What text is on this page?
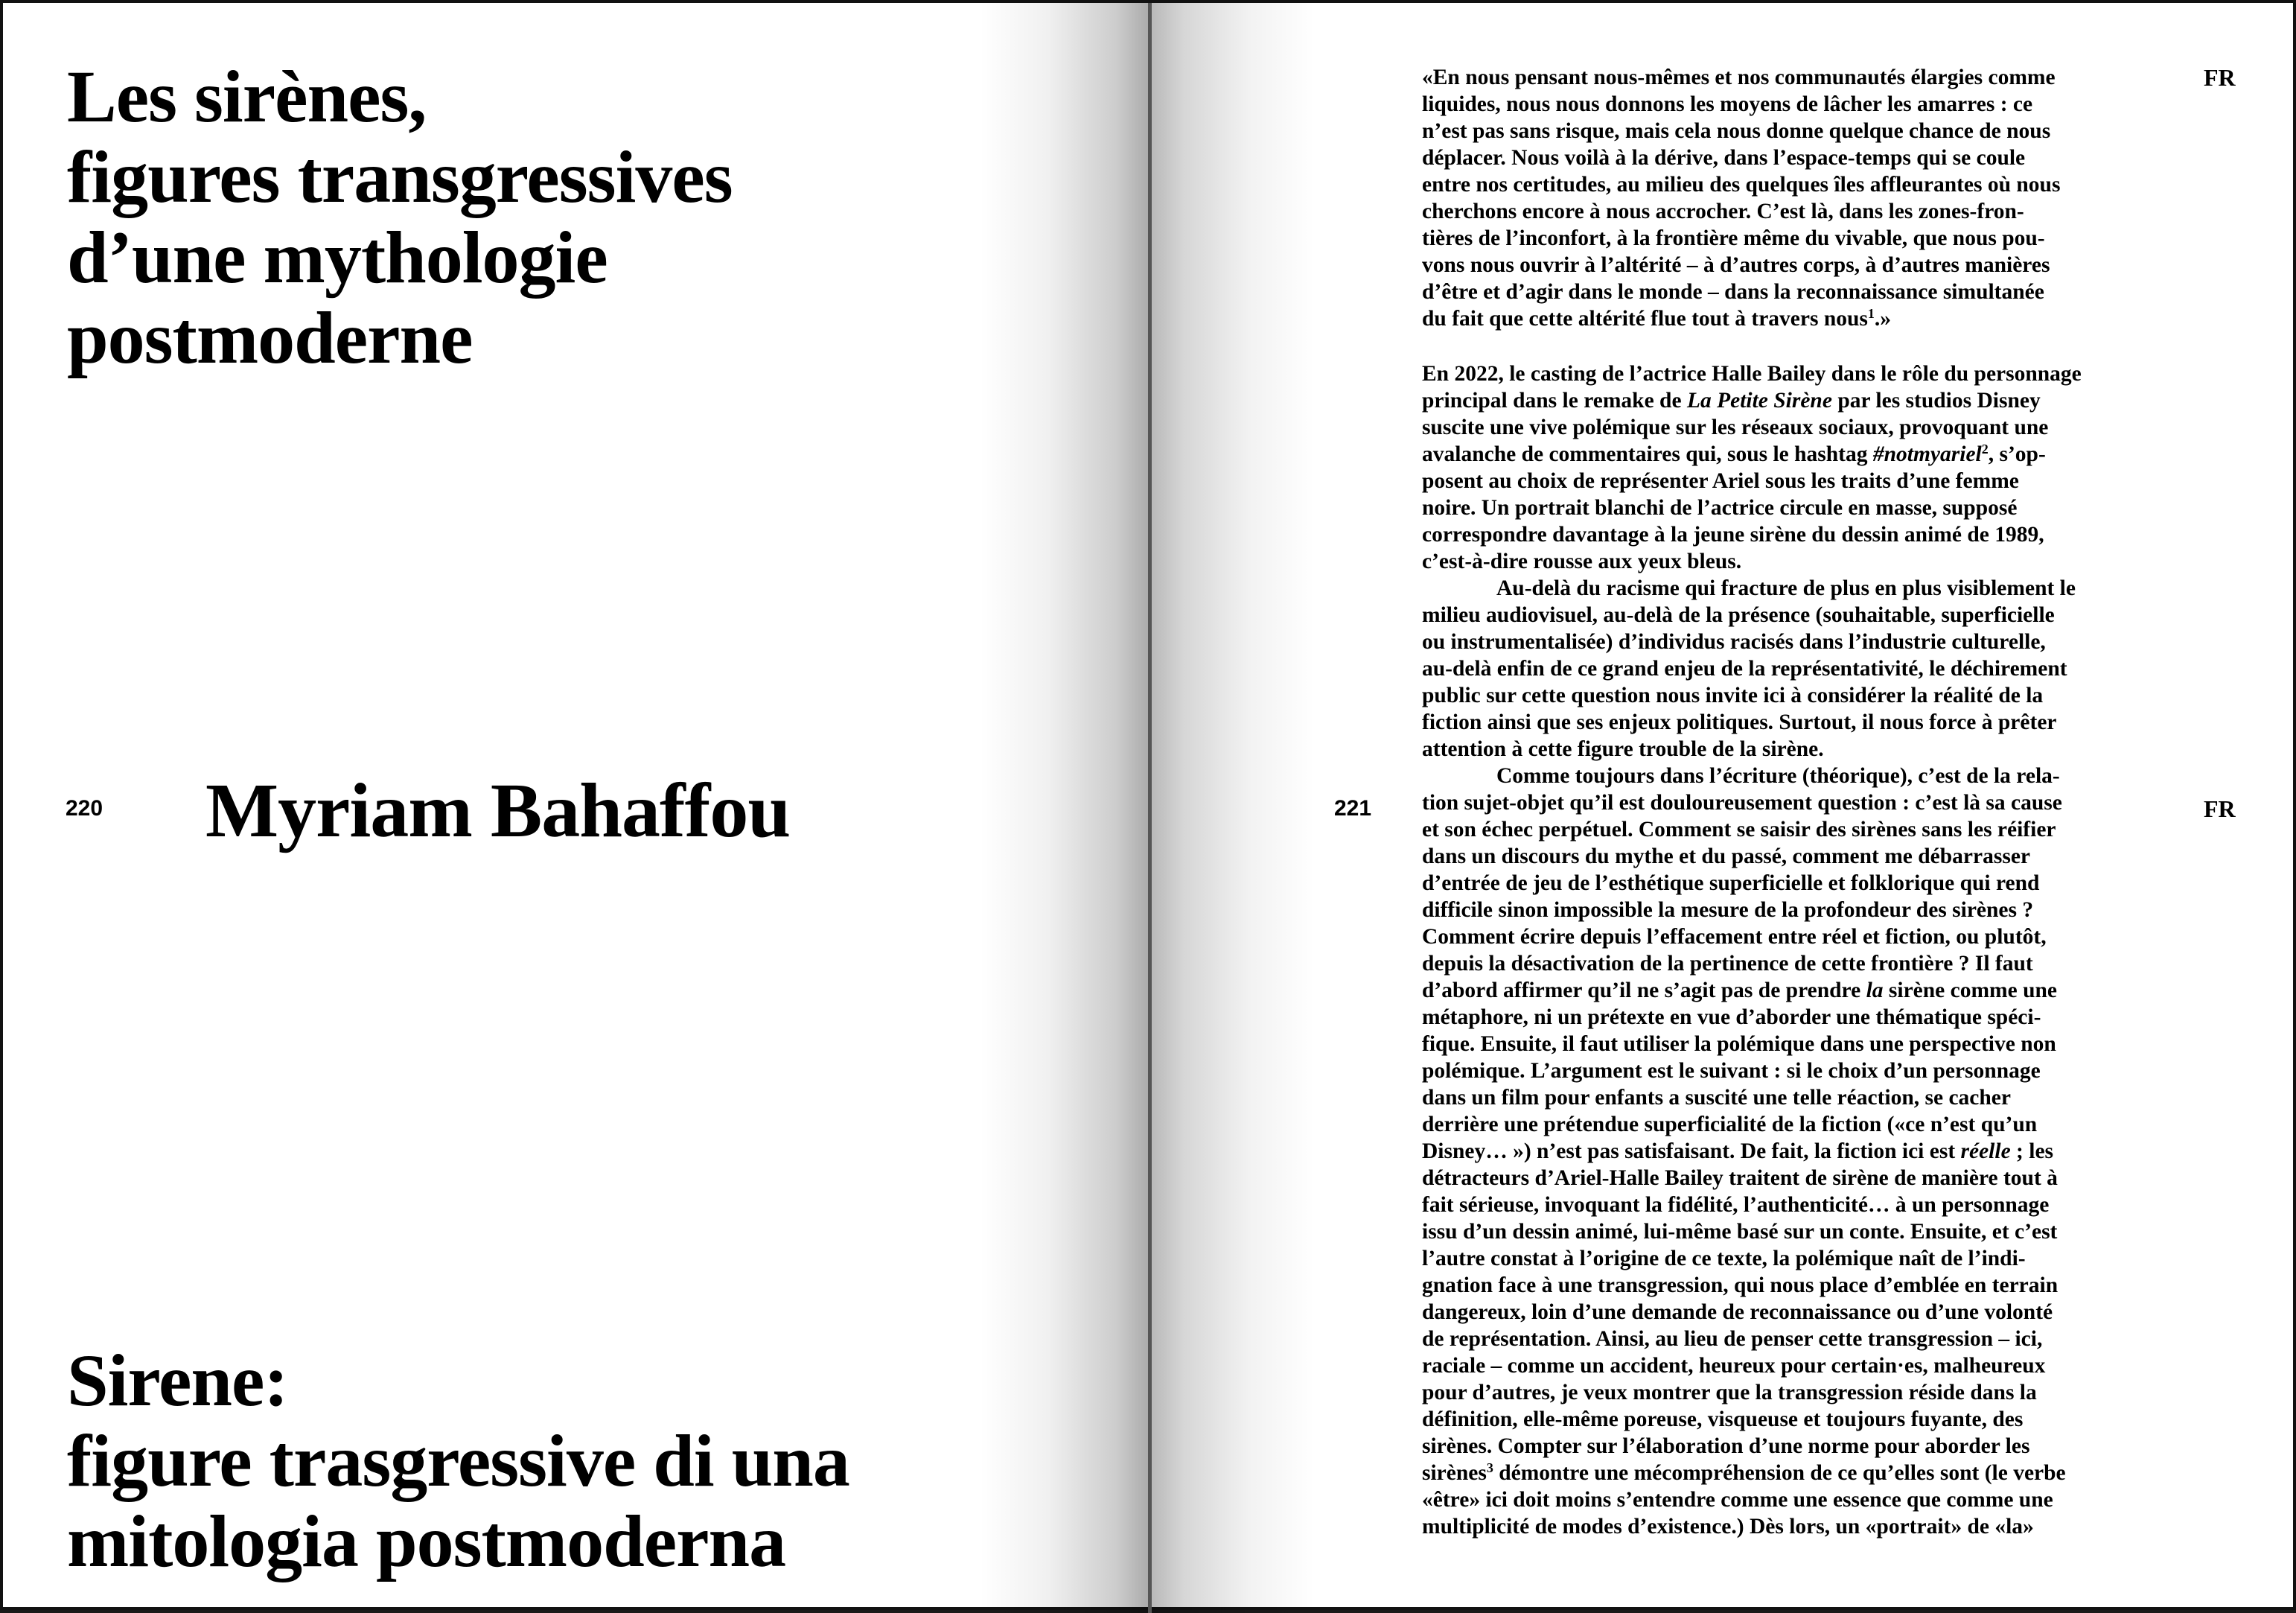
Les sirènes,
figures transgressives
d’une mythologie
postmoderne
220 Myriam Bahaffou
Sirene:
figure trasgressive di una
mitologia postmoderna
FR
FR
221
«En nous pensant nous-mêmes et nos communautés élargies comme
liquides, nous nous donnons les moyens de lâcher les amarres : ce
n’est pas sans risque, mais cela nous donne quelque chance de nous
déplacer. Nous voilà à la dérive, dans l’espace-temps qui se coule
entre nos certitudes, au milieu des quelques îles affleurantes où nous
cherchons encore à nous accrocher. C’est là, dans les zones-fron-
tières de l’inconfort, à la frontière même du vivable, que nous pou-
vons nous ouvrir à l’altérité – à d’autres corps, à d’autres manières
d’être et d’agir dans le monde – dans la reconnaissance simultanée
du fait que cette altérité flue tout à travers nous$^1$.»
En 2022, le casting de l’actrice Halle Bailey dans le rôle du personnage
principal dans le remake de La Petite Sirène par les studios Disney
suscite une vive polémique sur les réseaux sociaux, provoquant une
avalanche de commentaires qui, sous le hashtag #notmyariel$^2$, s’op-
posent au choix de représenter Ariel sous les traits d’une femme
noire. Un portrait blanchi de l’actrice circule en masse, supposé
correspondre davantage à la jeune sirène du dessin animé de 1989,
c’est-à-dire rousse aux yeux bleus.
Au-delà du racisme qui fracture de plus en plus visiblement le
milieu audiovisuel, au-delà de la présence (souhaitable, superficielle
ou instrumentalisée) d’individus racisés dans l’industrie culturelle,
au-delà enfin de ce grand enjeu de la représentativité, le déchirement
public sur cette question nous invite ici à considérer la réalité de la
fiction ainsi que ses enjeux politiques. Surtout, il nous force à prêter
attention à cette figure trouble de la sirène.
Comme toujours dans l’écriture (théorique), c’est de la rela-
tion sujet-objet qu’il est douloureusement question : c’est là sa cause
et son échec perpétuel. Comment se saisir des sirènes sans les réifier
dans un discours du mythe et du passé, comment me débarrasser
d’entrée de jeu de l’esthétique superficielle et folklorique qui rend
difficile sinon impossible la mesure de la profondeur des sirènes ?
Comment écrire depuis l’effacement entre réel et fiction, ou plutôt,
depuis la désactivation de la pertinence de cette frontière ? Il faut
d’abord affirmer qu’il ne s’agit pas de prendre la sirène comme une
métaphore, ni un prétexte en vue d’aborder une thématique spéci-
fique. Ensuite, il faut utiliser la polémique dans une perspective non
polémique. L’argument est le suivant : si le choix d’un personnage
dans un film pour enfants a suscité une telle réaction, se cacher
derrière une prétendue superficialité de la fiction («ce n’est qu’un
Disney… ») n’est pas satisfaisant. De fait, la fiction ici est réelle ; les
détracteurs d’Ariel-Halle Bailey traitent de sirène de manière tout à
fait sérieuse, invoquant la fidélité, l’authenticité… à un personnage
issu d’un dessin animé, lui-même basé sur un conte. Ensuite, et c’est
l’autre constat à l’origine de ce texte, la polémique naît de l’indi-
gnation face à une transgression, qui nous place d’emblée en terrain
dangereux, loin d’une demande de reconnaissance ou d’une volonté
de représentation. Ainsi, au lieu de penser cette transgression – ici,
raciale – comme un accident, heureux pour certain·es, malheureux
pour d’autres, je veux montrer que la transgression réside dans la
définition, elle-même poreuse, visqueuse et toujours fuyante, des
sirènes. Compter sur l’élaboration d’une norme pour aborder les
sirènes$^3$ démontre une mécompréhension de ce qu’elles sont (le verbe
«être» ici doit moins s’entendre comme une essence que comme une
multiplicité de modes d’existence.) Dès lors, un «portrait» de «la»
